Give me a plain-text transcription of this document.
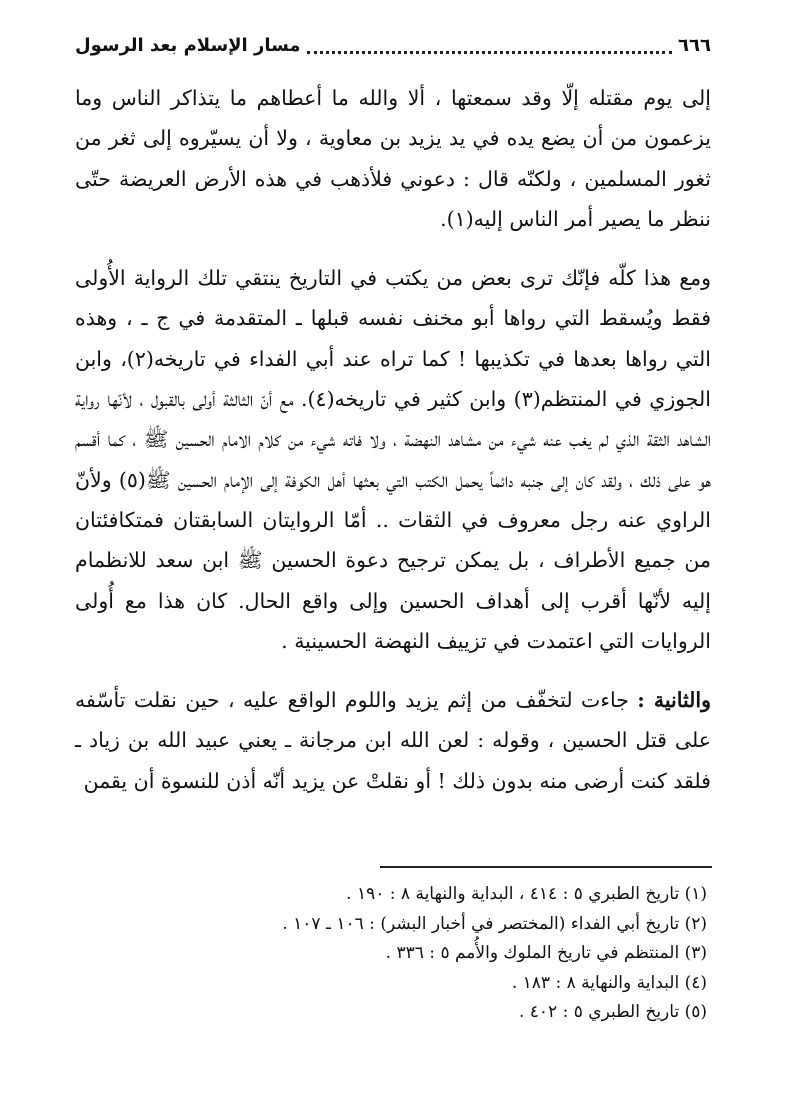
٦٦٦
مسار الإسلام بعد الرسول

إلى يوم مقتله إلّا وقد سمعتها ، ألا والله ما أعطاهم ما يتذاكر الناس وما يزعمون من أن يضع يده في يد يزيد بن معاوية ، ولا أن يسيّروه إلى ثغر من ثغور المسلمين ، ولكنّه قال : دعوني فلأذهب في هذه الأرض العريضة حتّى ننظر ما يصير أمر الناس إليه(١).

ومع هذا كلّه فإنّك ترى بعض من يكتب في التاريخ ينتقي تلك الرواية الأُولى فقط ويُسقط التي رواها أبو مخنف نفسه قبلها ـ المتقدمة في ج ـ ، وهذه التي رواها بعدها في تكذيبها ! كما تراه عند أبي الفداء في تاريخه(٢)، وابن الجوزي في المنتظم(٣) وابن كثير في تاريخه(٤). مع أنّ الثالثة أولى بالقبول ، لأنّها رواية الشاهد الثقة الذي لم يغب عنه شيء من مشاهد النهضة ، ولا فاته شيء من كلام الامام الحسين ﷺ ، كما أقسم هو على ذلك ، ولقد كان إلى جنبه دائماً يحمل الكتب التي بعثها أهل الكوفة إلى الإمام الحسين ﷺ(٥) ولأنّ الراوي عنه رجل معروف في الثقات .. أمّا الروايتان السابقتان فمتكافئتان من جميع الأطراف ، بل يمكن ترجيح دعوة الحسين ﷺ ابن سعد للانظمام إليه لأنّها أقرب إلى أهداف الحسين وإلى واقع الحال. كان هذا مع أُولى الروايات التي اعتمدت في تزييف النهضة الحسينية .

والثانية : جاءت لتخفّف من إثم يزيد واللوم الواقع عليه ، حين نقلت تأسّفه على قتل الحسين ، وقوله : لعن الله ابن مرجانة ـ يعني عبيد الله بن زياد ـ فلقد كنت أرضى منه بدون ذلك ! أو نقلتْ عن يزيد أنّه أذن للنسوة أن يقمن

(١) تاريخ الطبري ٥ : ٤١٤ ، البداية والنهاية ٨ : ١٩٠ .
(٢) تاريخ أبي الفداء (المختصر في أخبار البشر) : ١٠٦ ـ ١٠٧ .
(٣) المنتظم في تاريخ الملوك والأُمم ٥ : ٣٣٦ .
(٤) البداية والنهاية ٨ : ١٨٣ .
(٥) تاريخ الطبري ٥ : ٤٠٢ .
